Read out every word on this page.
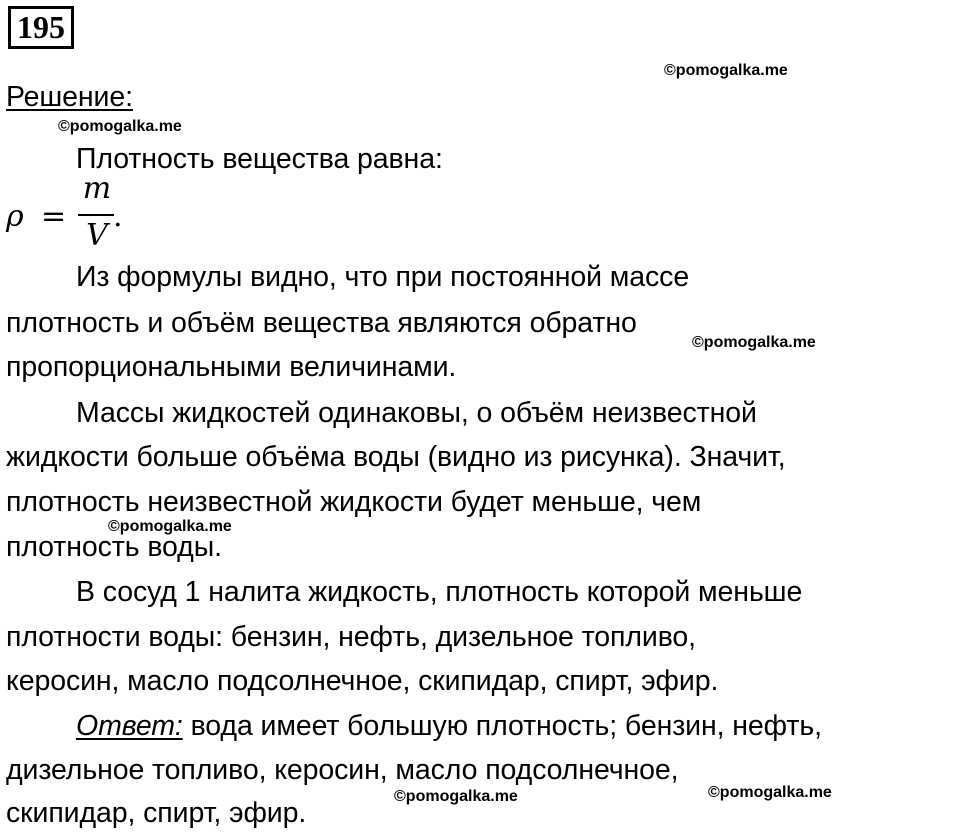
195
©pomogalka.me
Решение:
©pomogalka.me
Плотность вещества равна:
ρ =
m
V
.
Из формулы видно, что при постоянной массе
плотность и объём вещества являются обратно
©pomogalka.me
пропорциональными величинами.
Массы жидкостей одинаковы, о объём неизвестной
жидкости больше объёма воды (видно из рисунка). Значит,
плотность неизвестной жидкости будет меньше, чем
©pomogalka.me
плотность воды.
В сосуд 1 налита жидкость, плотность которой меньше
плотности воды: бензин, нефть, дизельное топливо,
керосин, масло подсолнечное, скипидар, спирт, эфир.
Ответ: вода имеет большую плотность; бензин, нефть,
дизельное топливо, керосин, масло подсолнечное,
©pomogalka.me
©pomogalka.me
скипидар, спирт, эфир.
